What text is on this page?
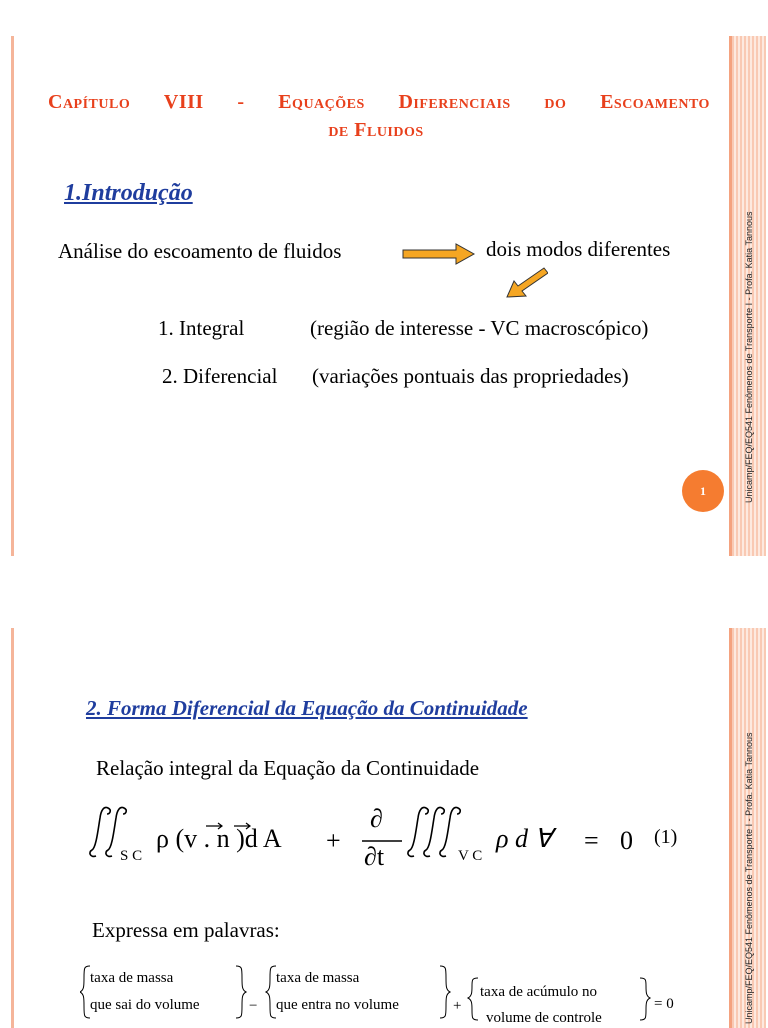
Unicamp/FEQ/EQ541 Fenômenos de Transporte I - Profa. Katia Tannous
1
Capítulo VIII - Equações Diferenciais do Escoamento
de Fluidos
1.Introdução
Análise do escoamento de fluidos	dois modos diferentes
1. Integral	(região de interesse - VC macroscópico)
2. Diferencial (variações pontuais das propriedades)
Unicamp/FEQ/EQ541 Fenômenos de Transporte I - Profa. Katia Tannous
2. Forma Diferencial da Equação da Continuidade
Relação integral da Equação da Continuidade
S C
ρ (v . n )d A +
∂
∂t	V C
ρ d ∀ = 0 (1)
Expressa em palavras:
taxa de massa
que sai do volume	−
taxa de massa
que entra no volume	+
taxa de acúmulo no
volume de controle
= 0
